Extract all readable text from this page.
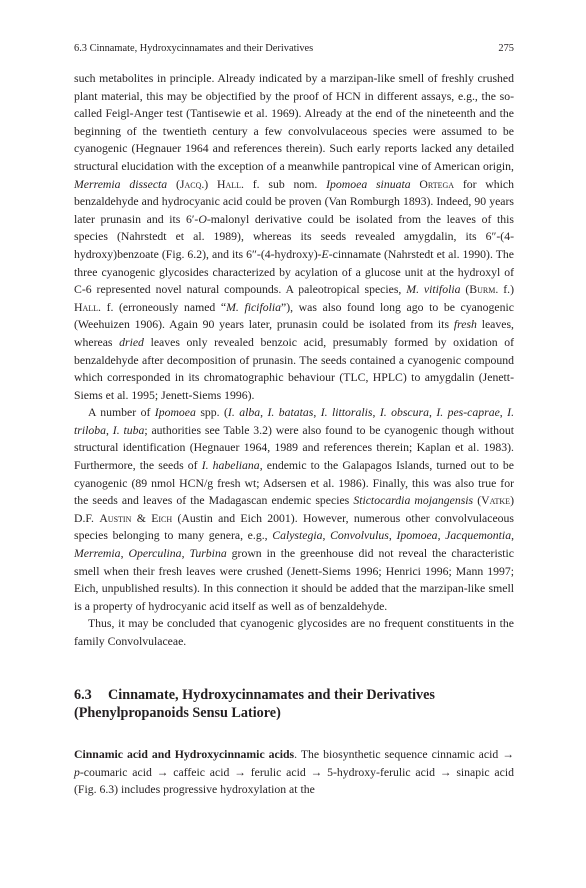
6.3 Cinnamate, Hydroxycinnamates and their Derivatives	275

such metabolites in principle. Already indicated by a marzipan-like smell of freshly crushed plant material, this may be objectified by the proof of HCN in different assays, e.g., the so-called Feigl-Anger test (Tantisewie et al. 1969). Already at the end of the nineteenth and the beginning of the twentieth century a few convolvulaceous species were assumed to be cyanogenic (Hegnauer 1964 and references therein). Such early reports lacked any detailed structural elucidation with the exception of a meanwhile pantropical vine of American origin, Merremia dissecta (Jacq.) Hall. f. sub nom. Ipomoea sinuata Ortega for which benzaldehyde and hydrocyanic acid could be proven (Van Romburgh 1893). Indeed, 90 years later prunasin and its 6′-O-malonyl derivative could be isolated from the leaves of this species (Nahrstedt et al. 1989), whereas its seeds revealed amygdalin, its 6″-(4-hydroxy)benzoate (Fig. 6.2), and its 6″-(4-hydroxy)-E-cinnamate (Nahrstedt et al. 1990). The three cyanogenic glycosides characterized by acylation of a glucose unit at the hydroxyl of C-6 represented novel natural compounds. A paleotropical species, M. vitifolia (Burm. f.) Hall. f. (erroneously named “M. ficifolia”), was also found long ago to be cyanogenic (Weehuizen 1906). Again 90 years later, prunasin could be isolated from its fresh leaves, whereas dried leaves only revealed benzoic acid, presumably formed by oxidation of benzaldehyde after decomposition of prunasin. The seeds contained a cyanogenic compound which corresponded in its chromatographic behaviour (TLC, HPLC) to amygdalin (Jenett-Siems et al. 1995; Jenett-Siems 1996).

A number of Ipomoea spp. (I. alba, I. batatas, I. littoralis, I. obscura, I. pes-caprae, I. triloba, I. tuba; authorities see Table 3.2) were also found to be cyanogenic though without structural identification (Hegnauer 1964, 1989 and references therein; Kaplan et al. 1983). Furthermore, the seeds of I. habeliana, endemic to the Galapagos Islands, turned out to be cyanogenic (89 nmol HCN/g fresh wt; Adsersen et al. 1986). Finally, this was also true for the seeds and leaves of the Madagascan endemic species Stictocardia mojangensis (Vatke) D.F. Austin & Eich (Austin and Eich 2001). However, numerous other convolvulaceous species belonging to many genera, e.g., Calystegia, Convolvulus, Ipomoea, Jacquemontia, Merremia, Operculina, Turbina grown in the greenhouse did not reveal the characteristic smell when their fresh leaves were crushed (Jenett-Siems 1996; Henrici 1996; Mann 1997; Eich, unpublished results). In this connection it should be added that the marzipan-like smell is a property of hydrocyanic acid itself as well as of benzaldehyde.

Thus, it may be concluded that cyanogenic glycosides are no frequent constituents in the family Convolvulaceae.

6.3 Cinnamate, Hydroxycinnamates and their Derivatives
(Phenylpropanoids Sensu Latiore)

Cinnamic acid and Hydroxycinnamic acids. The biosynthetic sequence cinnamic acid → p-coumaric acid → caffeic acid → ferulic acid → 5-hydroxy-ferulic acid → sinapic acid (Fig. 6.3) includes progressive hydroxylation at the
